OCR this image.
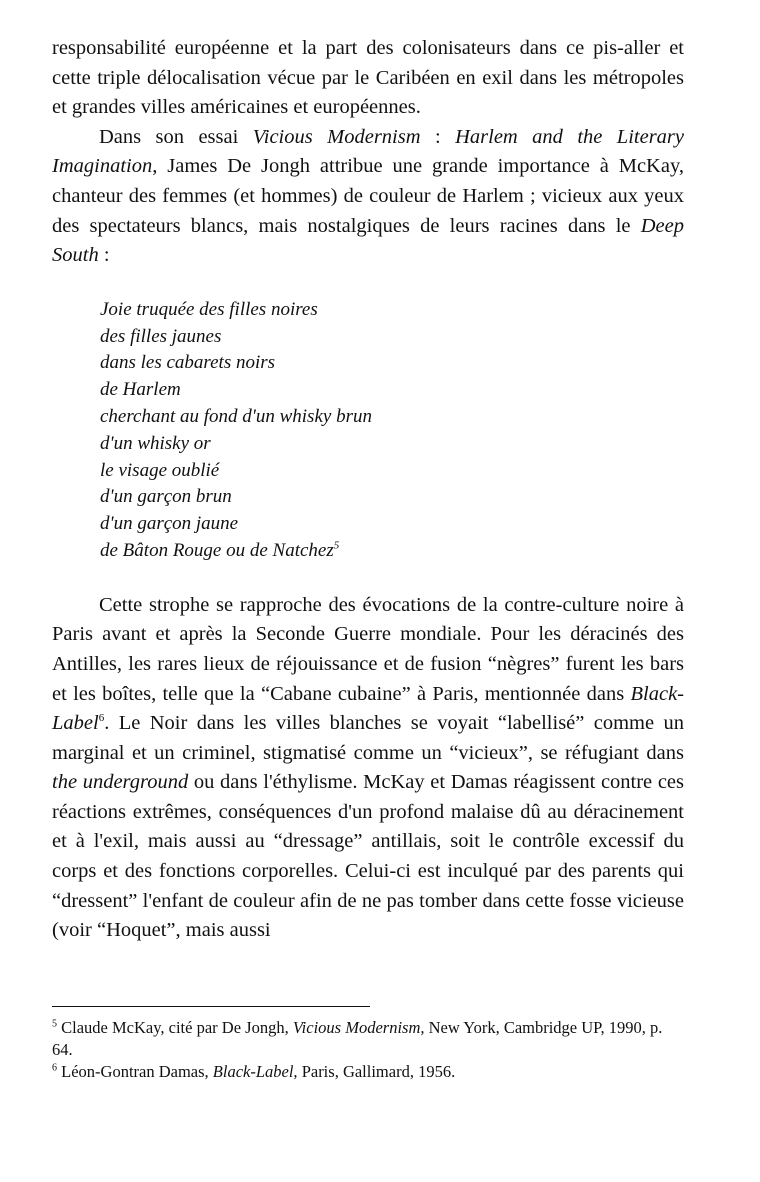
responsabilité européenne et la part des colonisateurs dans ce pis-aller et cette triple délocalisation vécue par le Caribéen en exil dans les métropoles et grandes villes américaines et européennes.

Dans son essai Vicious Modernism : Harlem and the Literary Imagination, James De Jongh attribue une grande importance à McKay, chanteur des femmes (et hommes) de couleur de Harlem ; vicieux aux yeux des spectateurs blancs, mais nostalgiques de leurs racines dans le Deep South :

Joie truquée des filles noires
des filles jaunes
dans les cabarets noirs
de Harlem
cherchant au fond d'un whisky brun
d'un whisky or
le visage oublié
d'un garçon brun
d'un garçon jaune
de Bâton Rouge ou de Natchez$^5$

Cette strophe se rapproche des évocations de la contre-culture noire à Paris avant et après la Seconde Guerre mondiale. Pour les déracinés des Antilles, les rares lieux de réjouissance et de fusion “nègres” furent les bars et les boîtes, telle que la “Cabane cubaine” à Paris, mentionnée dans Black-Label$^6$. Le Noir dans les villes blanches se voyait “labellisé” comme un marginal et un criminel, stigmatisé comme un “vicieux”, se réfugiant dans the underground ou dans l'éthylisme. McKay et Damas réagissent contre ces réactions extrêmes, conséquences d'un profond malaise dû au déracinement et à l'exil, mais aussi au “dressage” antillais, soit le contrôle excessif du corps et des fonctions corporelles. Celui-ci est inculqué par des parents qui “dressent” l'enfant de couleur afin de ne pas tomber dans cette fosse vicieuse (voir “Hoquet”, mais aussi

$^5$ Claude McKay, cité par De Jongh, Vicious Modernism, New York, Cambridge UP, 1990, p. 64.

$^6$ Léon-Gontran Damas, Black-Label, Paris, Gallimard, 1956.
